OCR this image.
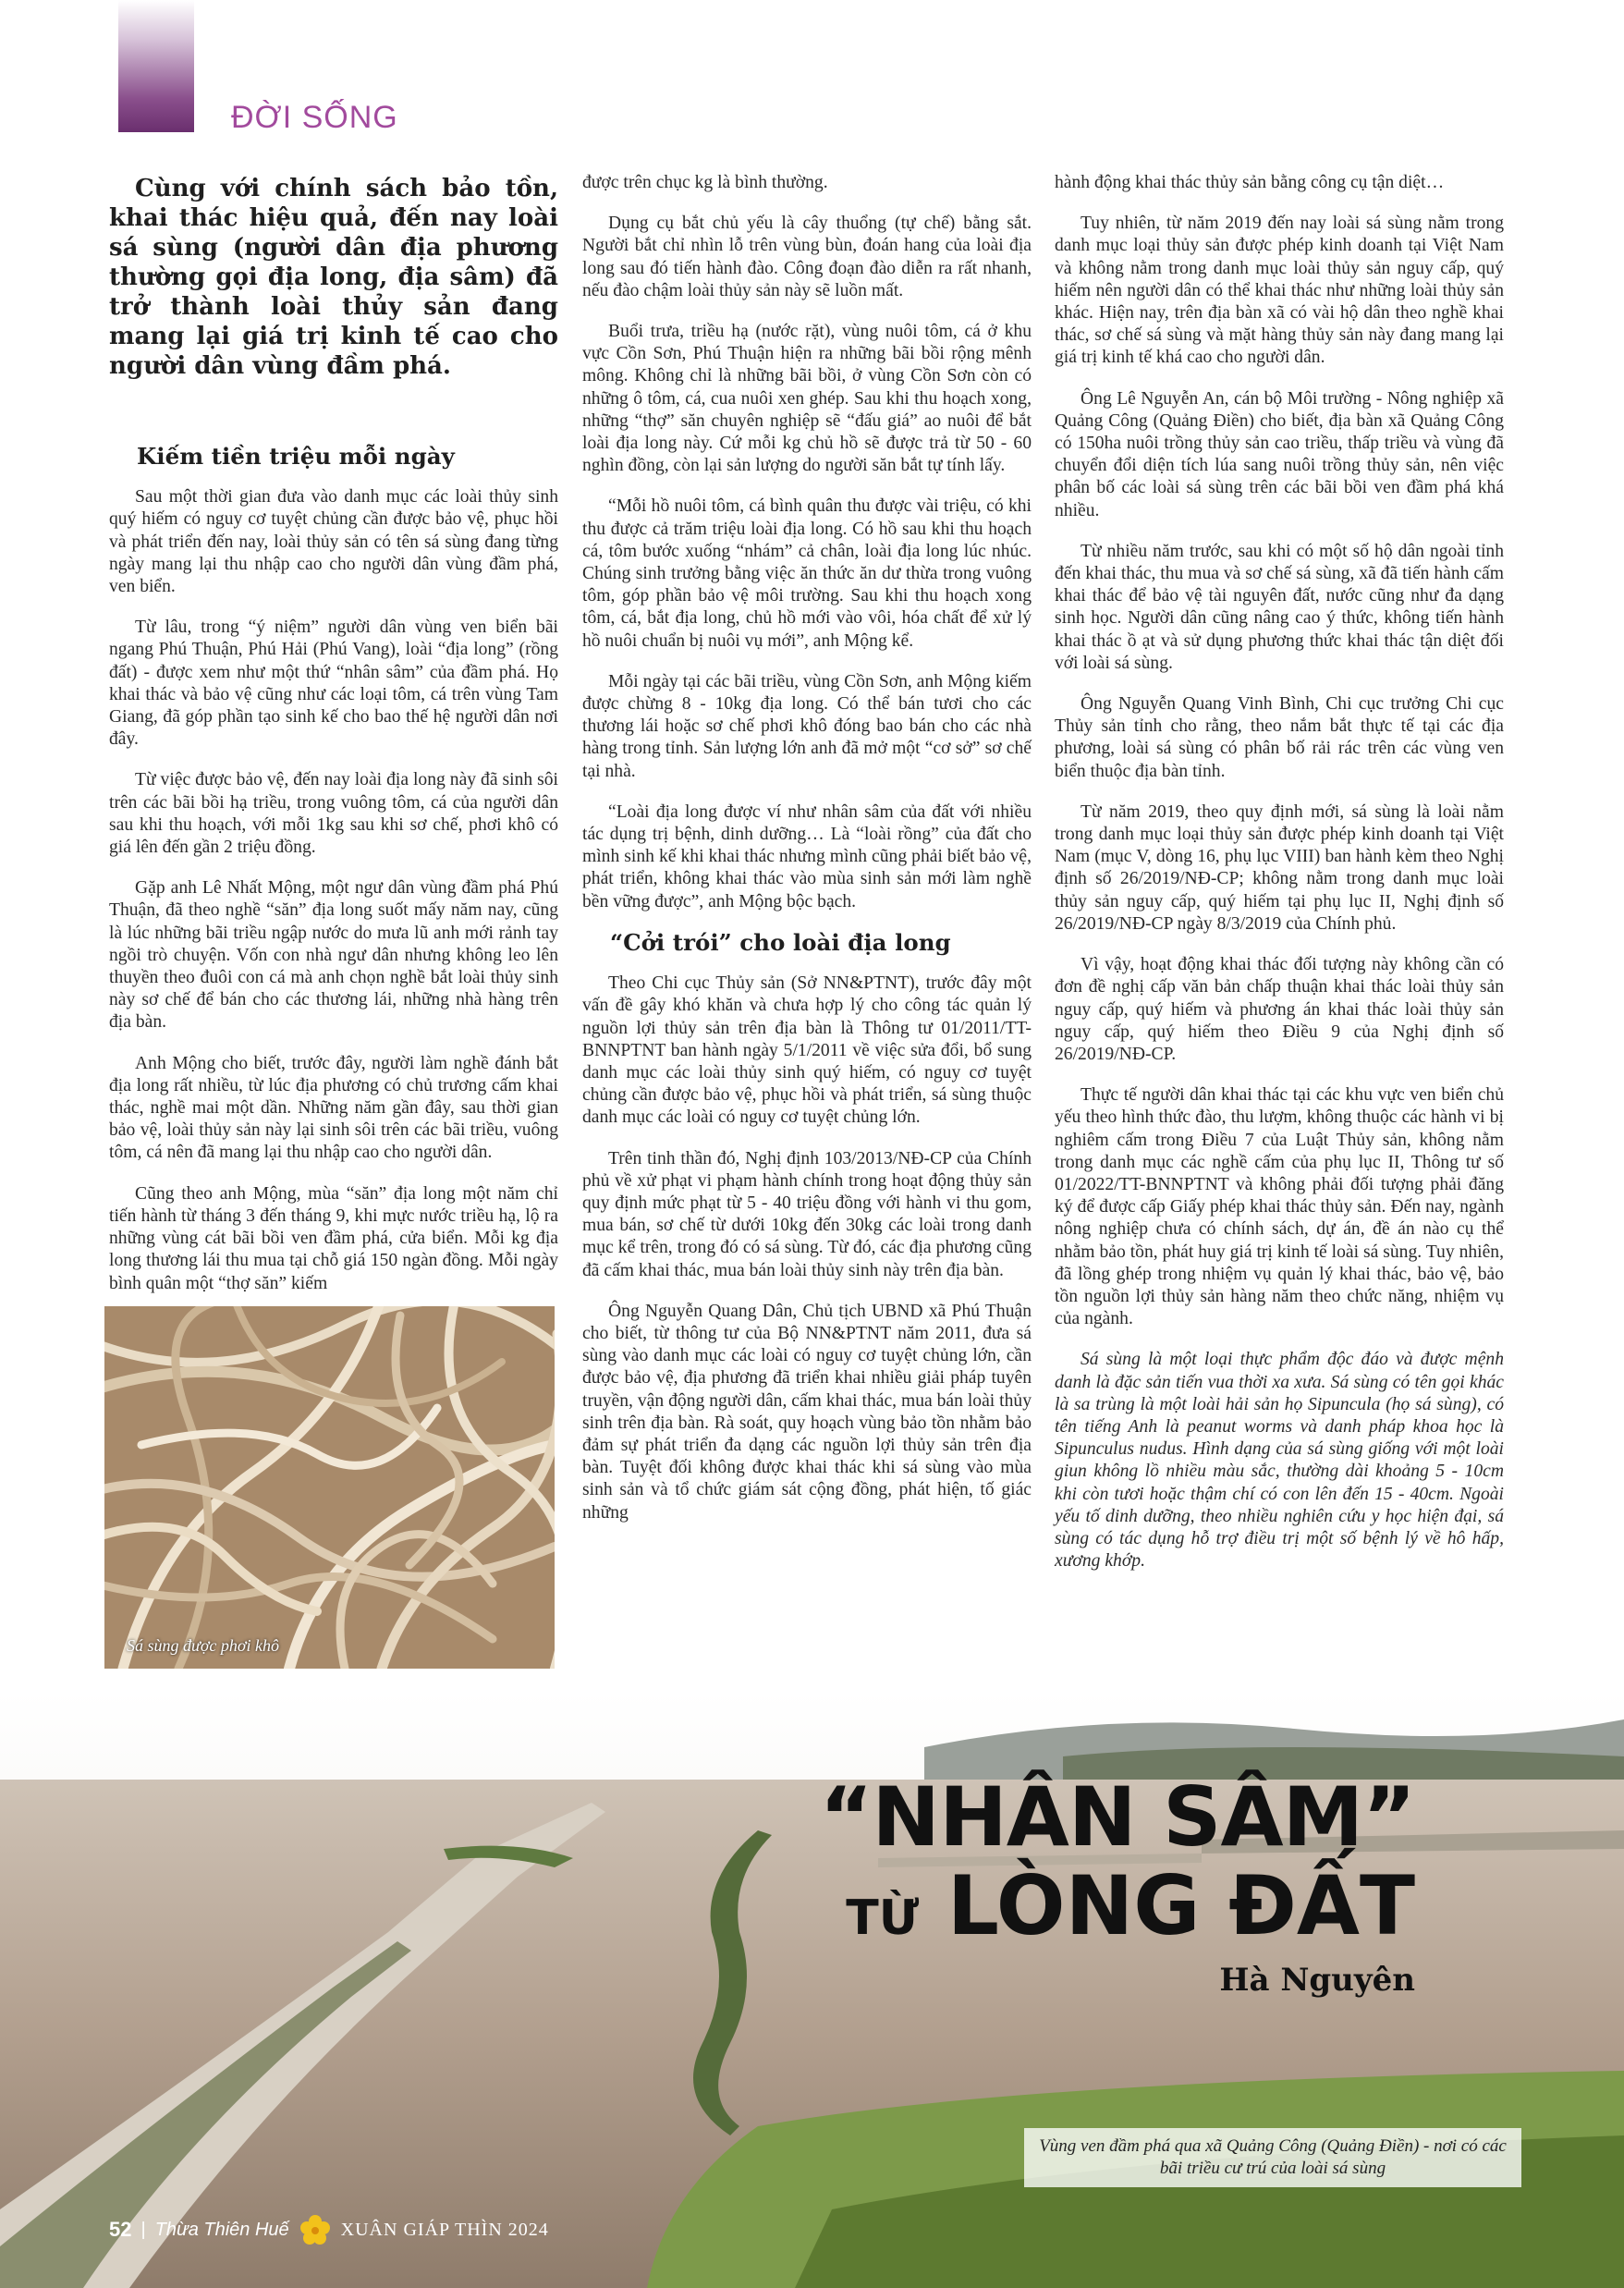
ĐỜI SỐNG
Cùng với chính sách bảo tồn, khai thác hiệu quả, đến nay loài sá sùng (người dân địa phương thường gọi địa long, địa sâm) đã trở thành loài thủy sản đang mang lại giá trị kinh tế cao cho người dân vùng đầm phá.
Kiếm tiền triệu mỗi ngày

Sau một thời gian đưa vào danh mục các loài thủy sinh quý hiếm có nguy cơ tuyệt chủng cần được bảo vệ, phục hồi và phát triển đến nay, loài thủy sản có tên sá sùng đang từng ngày mang lại thu nhập cao cho người dân vùng đầm phá, ven biển.

Từ lâu, trong “ý niệm” người dân vùng ven biển bãi ngang Phú Thuận, Phú Hải (Phú Vang), loài “địa long” (rồng đất) - được xem như một thứ “nhân sâm” của đầm phá. Họ khai thác và bảo vệ cũng như các loại tôm, cá trên vùng Tam Giang, đã góp phần tạo sinh kế cho bao thế hệ người dân nơi đây.

Từ việc được bảo vệ, đến nay loài địa long này đã sinh sôi trên các bãi bồi hạ triều, trong vuông tôm, cá của người dân sau khi thu hoạch, với mỗi 1kg sau khi sơ chế, phơi khô có giá lên đến gần 2 triệu đồng.

Gặp anh Lê Nhất Mộng, một ngư dân vùng đầm phá Phú Thuận, đã theo nghề “săn” địa long suốt mấy năm nay, cũng là lúc những bãi triều ngập nước do mưa lũ anh mới rảnh tay ngồi trò chuyện. Vốn con nhà ngư dân nhưng không leo lên thuyền theo đuôi con cá mà anh chọn nghề bắt loài thủy sinh này sơ chế để bán cho các thương lái, những nhà hàng trên địa bàn.

Anh Mộng cho biết, trước đây, người làm nghề đánh bắt địa long rất nhiều, từ lúc địa phương có chủ trương cấm khai thác, nghề mai một dần. Những năm gần đây, sau thời gian bảo vệ, loài thủy sản này lại sinh sôi trên các bãi triều, vuông tôm, cá nên đã mang lại thu nhập cao cho người dân.

Cũng theo anh Mộng, mùa “săn” địa long một năm chỉ tiến hành từ tháng 3 đến tháng 9, khi mực nước triều hạ, lộ ra những vùng cát bãi bồi ven đầm phá, cửa biển. Mỗi kg địa long thương lái thu mua tại chỗ giá 150 ngàn đồng. Mỗi ngày bình quân một “thợ săn” kiếm

Sá sùng được phơi khô

được trên chục kg là bình thường.

Dụng cụ bắt chủ yếu là cây thuổng (tự chế) bằng sắt. Người bắt chỉ nhìn lỗ trên vùng bùn, đoán hang của loài địa long sau đó tiến hành đào. Công đoạn đào diễn ra rất nhanh, nếu đào chậm loài thủy sản này sẽ luồn mất.

Buổi trưa, triều hạ (nước rặt), vùng nuôi tôm, cá ở khu vực Cồn Sơn, Phú Thuận hiện ra những bãi bồi rộng mênh mông. Không chỉ là những bãi bồi, ở vùng Cồn Sơn còn có những ô tôm, cá, cua nuôi xen ghép. Sau khi thu hoạch xong, những “thợ” săn chuyên nghiệp sẽ “đấu giá” ao nuôi để bắt loài địa long này. Cứ mỗi kg chủ hồ sẽ được trả từ 50 - 60 nghìn đồng, còn lại sản lượng do người săn bắt tự tính lấy.

“Mỗi hồ nuôi tôm, cá bình quân thu được vài triệu, có khi thu được cả trăm triệu loài địa long. Có hồ sau khi thu hoạch cá, tôm bước xuống “nhám” cả chân, loài địa long lúc nhúc. Chúng sinh trưởng bằng việc ăn thức ăn dư thừa trong vuông tôm, góp phần bảo vệ môi trường. Sau khi thu hoạch xong tôm, cá, bắt địa long, chủ hồ mới vào vôi, hóa chất để xử lý hồ nuôi chuẩn bị nuôi vụ mới”, anh Mộng kể.

Mỗi ngày tại các bãi triều, vùng Cồn Sơn, anh Mộng kiếm được chừng 8 - 10kg địa long. Có thể bán tươi cho các thương lái hoặc sơ chế phơi khô đóng bao bán cho các nhà hàng trong tỉnh. Sản lượng lớn anh đã mở một “cơ sở” sơ chế tại nhà.

“Loài địa long được ví như nhân sâm của đất với nhiều tác dụng trị bệnh, dinh dưỡng… Là “loài rồng” của đất cho mình sinh kế khi khai thác nhưng mình cũng phải biết bảo vệ, phát triển, không khai thác vào mùa sinh sản mới làm nghề bền vững được”, anh Mộng bộc bạch.

“Cởi trói” cho loài địa long

Theo Chi cục Thủy sản (Sở NN&PTNT), trước đây một vấn đề gây khó khăn và chưa hợp lý cho công tác quản lý nguồn lợi thủy sản trên địa bàn là Thông tư 01/2011/TT-BNNPTNT ban hành ngày 5/1/2011 về việc sửa đổi, bổ sung danh mục các loài thủy sinh quý hiếm, có nguy cơ tuyệt chủng cần được bảo vệ, phục hồi và phát triển, sá sùng thuộc danh mục các loài có nguy cơ tuyệt chủng lớn.

Trên tinh thần đó, Nghị định 103/2013/NĐ-CP của Chính phủ về xử phạt vi phạm hành chính trong hoạt động thủy sản quy định mức phạt từ 5 - 40 triệu đồng với hành vi thu gom, mua bán, sơ chế từ dưới 10kg đến 30kg các loài trong danh mục kể trên, trong đó có sá sùng. Từ đó, các địa phương cũng đã cấm khai thác, mua bán loài thủy sinh này trên địa bàn.

Ông Nguyễn Quang Dân, Chủ tịch UBND xã Phú Thuận cho biết, từ thông tư của Bộ NN&PTNT năm 2011, đưa sá sùng vào danh mục các loài có nguy cơ tuyệt chủng lớn, cần được bảo vệ, địa phương đã triển khai nhiều giải pháp tuyên truyền, vận động người dân, cấm khai thác, mua bán loài thủy sinh trên địa bàn. Rà soát, quy hoạch vùng bảo tồn nhằm bảo đảm sự phát triển đa dạng các nguồn lợi thủy sản trên địa bàn. Tuyệt đối không được khai thác khi sá sùng vào mùa sinh sản và tổ chức giám sát cộng đồng, phát hiện, tố giác những

hành động khai thác thủy sản bằng công cụ tận diệt…

Tuy nhiên, từ năm 2019 đến nay loài sá sùng nằm trong danh mục loại thủy sản được phép kinh doanh tại Việt Nam và không nằm trong danh mục loài thủy sản nguy cấp, quý hiếm nên người dân có thể khai thác như những loài thủy sản khác. Hiện nay, trên địa bàn xã có vài hộ dân theo nghề khai thác, sơ chế sá sùng và mặt hàng thủy sản này đang mang lại giá trị kinh tế khá cao cho người dân.

Ông Lê Nguyễn An, cán bộ Môi trường - Nông nghiệp xã Quảng Công (Quảng Điền) cho biết, địa bàn xã Quảng Công có 150ha nuôi trồng thủy sản cao triều, thấp triều và vùng đã chuyển đổi diện tích lúa sang nuôi trồng thủy sản, nên việc phân bố các loài sá sùng trên các bãi bồi ven đầm phá khá nhiều.

Từ nhiều năm trước, sau khi có một số hộ dân ngoài tỉnh đến khai thác, thu mua và sơ chế sá sùng, xã đã tiến hành cấm khai thác để bảo vệ tài nguyên đất, nước cũng như đa dạng sinh học. Người dân cũng nâng cao ý thức, không tiến hành khai thác ồ ạt và sử dụng phương thức khai thác tận diệt đối với loài sá sùng.

Ông Nguyễn Quang Vinh Bình, Chi cục trưởng Chi cục Thủy sản tỉnh cho rằng, theo nắm bắt thực tế tại các địa phương, loài sá sùng có phân bố rải rác trên các vùng ven biển thuộc địa bàn tỉnh.

Từ năm 2019, theo quy định mới, sá sùng là loài nằm trong danh mục loại thủy sản được phép kinh doanh tại Việt Nam (mục V, dòng 16, phụ lục VIII) ban hành kèm theo Nghị định số 26/2019/NĐ-CP; không nằm trong danh mục loài thủy sản nguy cấp, quý hiếm tại phụ lục II, Nghị định số 26/2019/NĐ-CP ngày 8/3/2019 của Chính phủ.

Vì vậy, hoạt động khai thác đối tượng này không cần có đơn đề nghị cấp văn bản chấp thuận khai thác loài thủy sản nguy cấp, quý hiếm và phương án khai thác loài thủy sản nguy cấp, quý hiếm theo Điều 9 của Nghị định số 26/2019/NĐ-CP.

Thực tế người dân khai thác tại các khu vực ven biển chủ yếu theo hình thức đào, thu lượm, không thuộc các hành vi bị nghiêm cấm trong Điều 7 của Luật Thủy sản, không nằm trong danh mục các nghề cấm của phụ lục II, Thông tư số 01/2022/TT-BNNPTNT và không phải đối tượng phải đăng ký để được cấp Giấy phép khai thác thủy sản. Đến nay, ngành nông nghiệp chưa có chính sách, dự án, đề án nào cụ thể nhằm bảo tồn, phát huy giá trị kinh tế loài sá sùng. Tuy nhiên, đã lồng ghép trong nhiệm vụ quản lý khai thác, bảo vệ, bảo tồn nguồn lợi thủy sản hàng năm theo chức năng, nhiệm vụ của ngành.

Sá sùng là một loại thực phẩm độc đáo và được mệnh danh là đặc sản tiến vua thời xa xưa. Sá sùng có tên gọi khác là sa trùng là một loài hải sản họ Sipuncula (họ sá sùng), có tên tiếng Anh là peanut worms và danh pháp khoa học là Sipunculus nudus. Hình dạng của sá sùng giống với một loài giun không lồ nhiều màu sắc, thường dài khoảng 5 - 10cm khi còn tươi hoặc thậm chí có con lên đến 15 - 40cm. Ngoài yếu tố dinh dưỡng, theo nhiều nghiên cứu y học hiện đại, sá sùng có tác dụng hỗ trợ điều trị một số bệnh lý về hô hấp, xương khớp.

“NHÂN SÂM”
TỪ LÒNG ĐẤT
Hà Nguyên
Vùng ven đầm phá qua xã Quảng Công (Quảng Điền) - nơi có các bãi triều cư trú của loài sá sùng
52 | Thừa Thiên Huế	XUÂN GIÁP THÌN 2024
